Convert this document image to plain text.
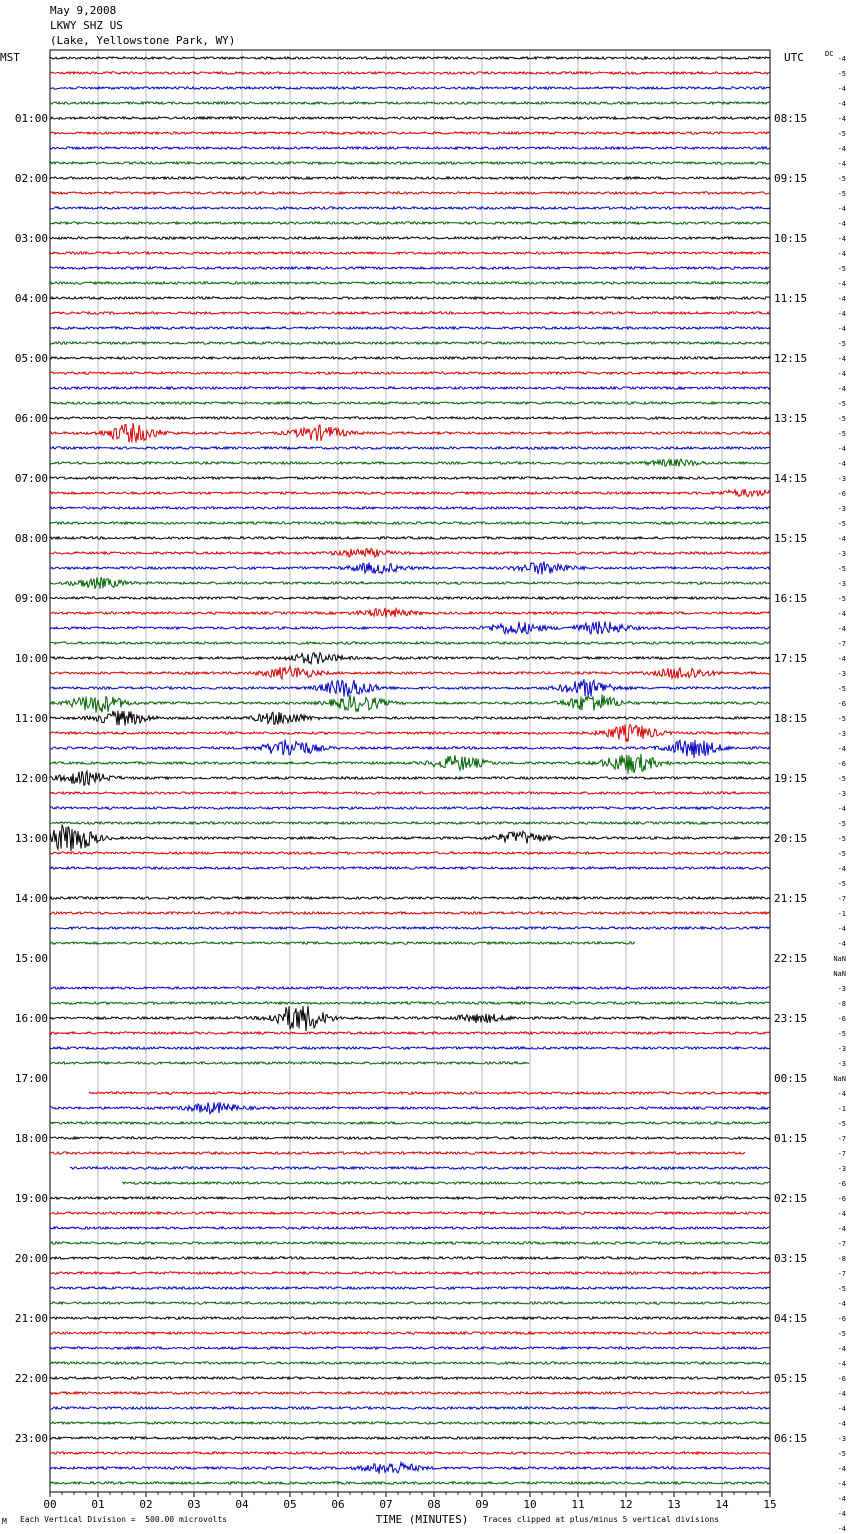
May 9,2008
LKWY SHZ US
(Lake, Yellowstone Park, WY)
00	01	02	03	04	05	06	07	08	09	10	11	12	13	14	15
TIME (MINUTES)
MST	UTC	DC
01:00
02:00
03:00
04:00
05:00
06:00
07:00
08:00
09:00
10:00
11:00
12:00
13:00
14:00
15:00
16:00
17:00
18:00
19:00
20:00
21:00
22:00
23:00
08:15
09:15
10:15
11:15
12:15
13:15
14:15
15:15
16:15
17:15
18:15
19:15
20:15
21:15
22:15
23:15
00:15
01:15
02:15
03:15
04:15
05:15
06:15
-4
-5
-4
-4
-4
-5
-4
-4
-5
-5
-4
-4
-4
-4
-5
-4
-4
-4
-4
-5
-4
-4
-4
-5
-5
-5
-4
-4
-3
-6
-3
-5
-4
-3
-5
-3
-5
-4
-4
-7
-4
-3
-5
-6
-5
-3
-4
-6
-5
-3
-4
-5
-5
-5
-4
-5
-7
-1
-4
-4
NaN
NaN
-3
-8
-6
-5
-3
-3
NaN
-4
-1
-5
-7
-7
-3
-6
-6
-4
-4
-7
-8
-7
-5
-4
-6
-5
-4
-4
-6
-4
-4
-4
-3
-5
-4
-4
-4
-4
-4
M Each Vertical Division =  500.00 microvolts	Traces clipped at plus/minus 5 vertical divisions
